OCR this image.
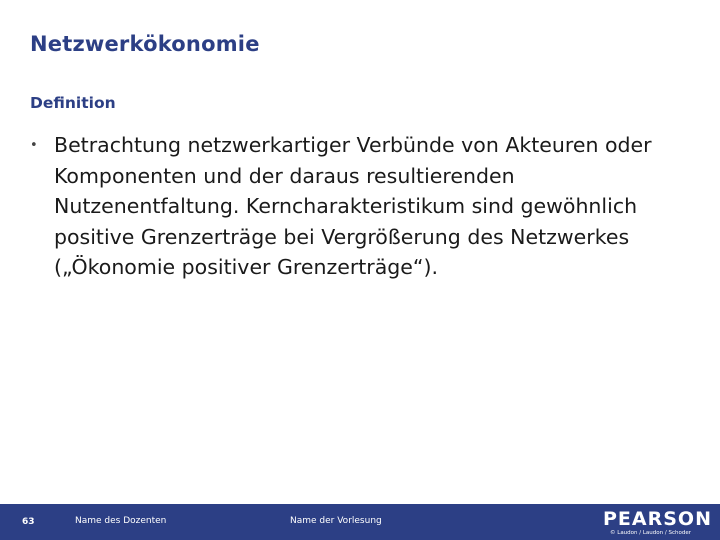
Netzwerkökonomie
Definition
• Betrachtung netzwerkartiger Verbünde von Akteuren oder Komponenten und der daraus resultierenden Nutzenentfaltung. Kerncharakteristikum sind gewöhnlich positive Grenzerträge bei Vergrößerung des Netzwerkes („Ökonomie positiver Grenzerträge“).
63	Name des Dozenten	Name der Vorlesung	PEARSON
© Laudon / Laudon / Schoder
